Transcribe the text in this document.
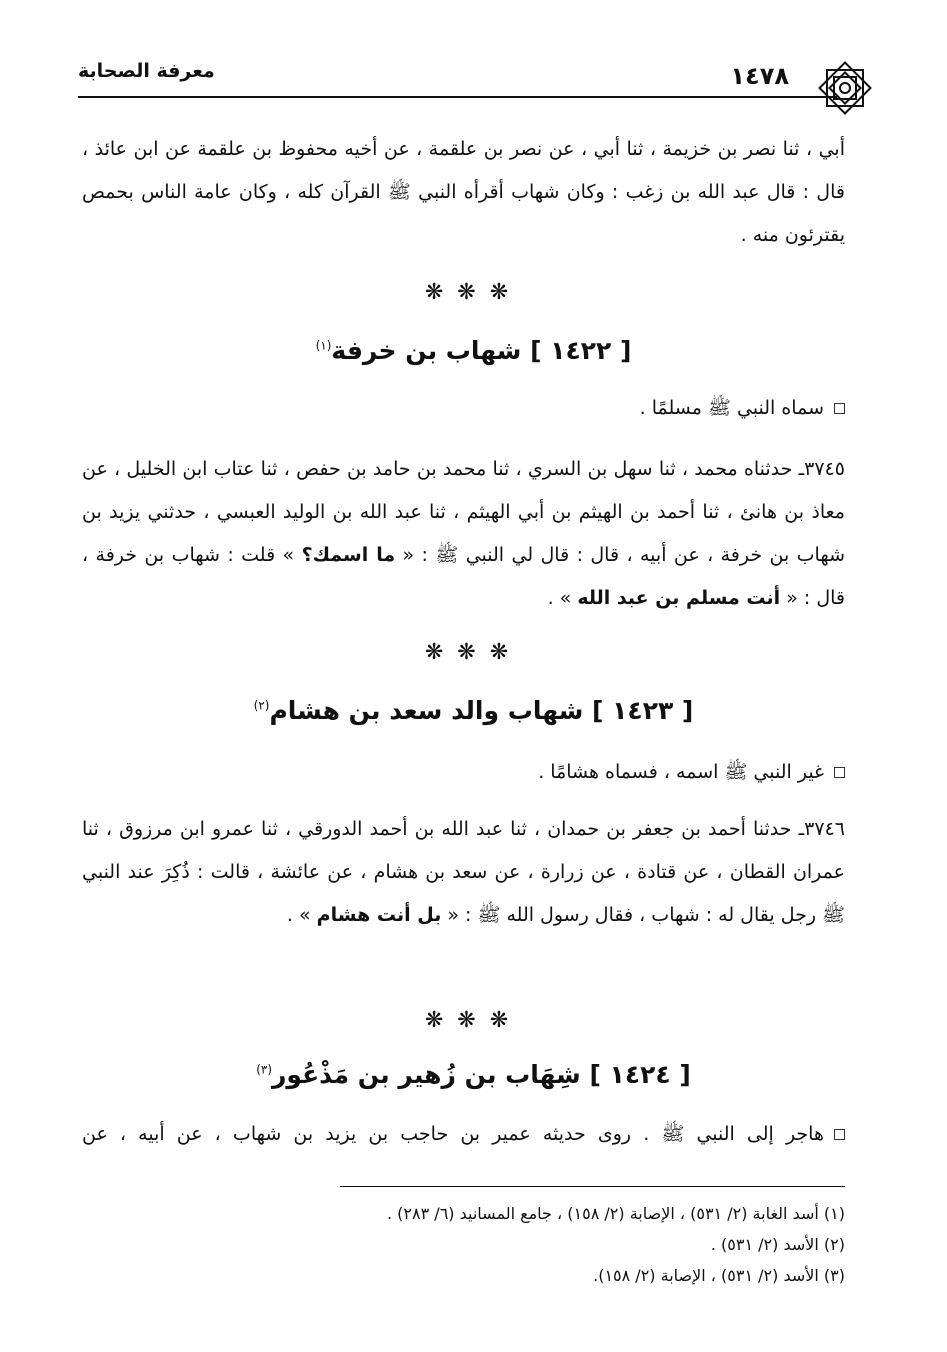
١٤٧٨
معرفة الصحابة
أبي ، ثنا نصر بن خزيمة ، ثنا أبي ، عن نصر بن علقمة ، عن أخيه محفوظ بن علقمة عن ابن عائذ ، قال : قال عبد الله بن زغب : وكان شهاب أقرأه النبي ﷺ القرآن كله ، وكان عامة الناس بحمص يقترئون منه .
❋❋❋
[ ١٤٢٢ ] شهاب بن خرفة$^{(١)}$
سماه النبي ﷺ مسلمًا .
٣٧٤٥ـ حدثناه محمد ، ثنا سهل بن السري ، ثنا محمد بن حامد بن حفص ، ثنا عتاب ابن الخليل ، عن معاذ بن هانئ ، ثنا أحمد بن الهيثم بن أبي الهيثم ، ثنا عبد الله بن الوليد العبسي ، حدثني يزيد بن شهاب بن خرفة ، عن أبيه ، قال : قال لي النبي ﷺ : « ما اسمك؟ » قلت : شهاب بن خرفة ، قال : « أنت مسلم بن عبد الله » .
❋❋❋
[ ١٤٢٣ ] شهاب والد سعد بن هشام$^{(٢)}$
غير النبي ﷺ اسمه ، فسماه هشامًا .
٣٧٤٦ـ حدثنا أحمد بن جعفر بن حمدان ، ثنا عبد الله بن أحمد الدورقي ، ثنا عمرو ابن مرزوق ، ثنا عمران القطان ، عن قتادة ، عن زرارة ، عن سعد بن هشام ، عن عائشة ، قالت : ذُكِرَ عند النبي ﷺ رجل يقال له : شهاب ، فقال رسول الله ﷺ : « بل أنت هشام » .
❋❋❋
[ ١٤٢٤ ] شِهَاب بن زُهير بن مَذْعُور$^{(٣)}$
هاجر إلى النبي ﷺ . روى حديثه عمير بن حاجب بن يزيد بن شهاب ، عن أبيه ، عن
(١) أسد الغابة (٢/ ٥٣١) ، الإصابة (٢/ ١٥٨) ، جامع المسانيد (٦/ ٢٨٣) .
(٢) الأسد (٢/ ٥٣١) .
(٣) الأسد (٢/ ٥٣١) ، الإصابة (٢/ ١٥٨).
